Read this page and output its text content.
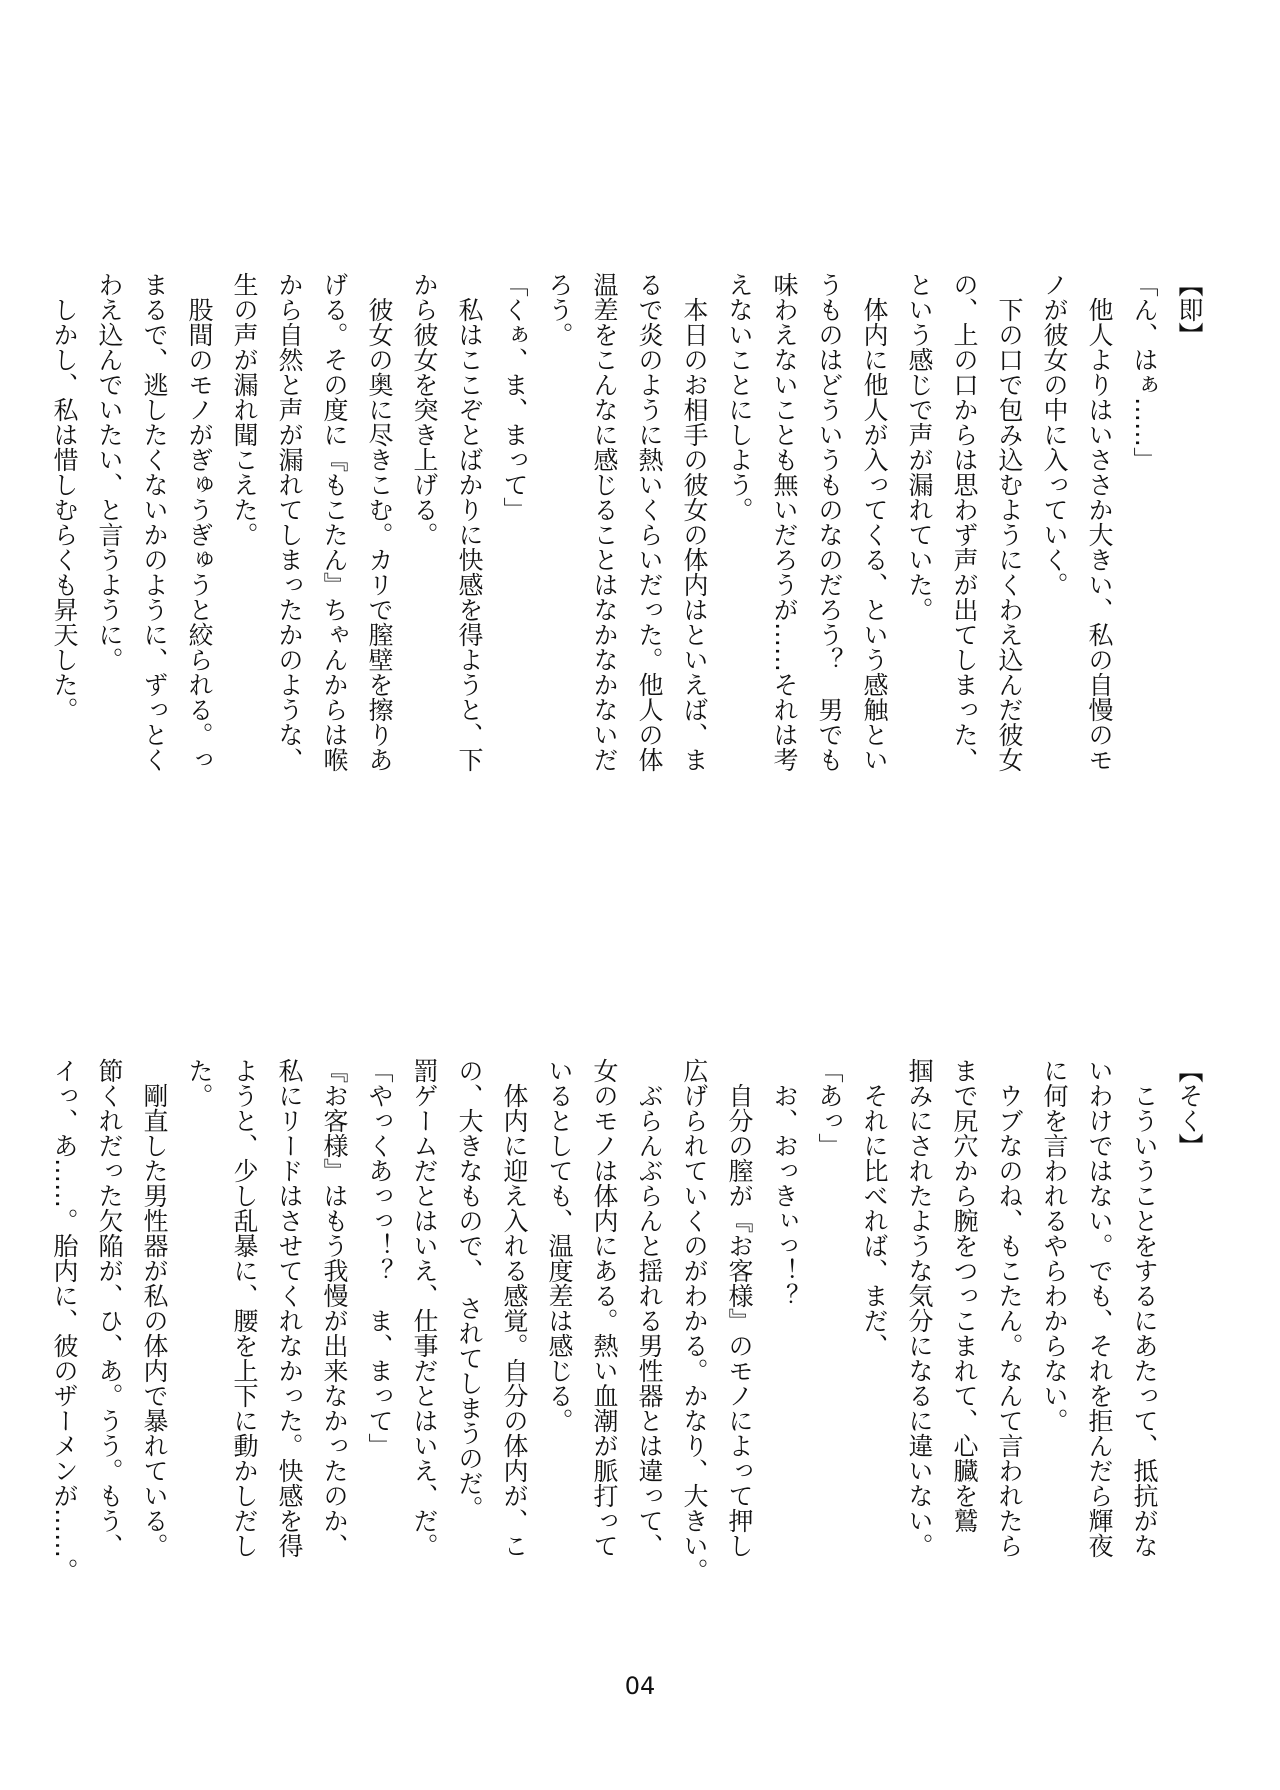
【即】
「ん、はぁ……」
　他人よりはいささか大きい、私の自慢のモ
ノが彼女の中に入っていく。
　下の口で包み込むようにくわえ込んだ彼女
の、上の口からは思わず声が出てしまった、
という感じで声が漏れていた。
　体内に他人が入ってくる、という感触とい
うものはどういうものなのだろう？　男でも
味わえないことも無いだろうが……それは考
えないことにしよう。
　本日のお相手の彼女の体内はといえば、ま
るで炎のように熱いくらいだった。他人の体
温差をこんなに感じることはなかなかないだ
ろう。
「くぁ、ま、まって」
　私はここぞとばかりに快感を得ようと、下
から彼女を突き上げる。
　彼女の奥に尽きこむ。カリで膣壁を擦りあ
げる。その度に『もこたん』ちゃんからは喉
から自然と声が漏れてしまったかのような、
生の声が漏れ聞こえた。
　股間のモノがぎゅうぎゅうと絞られる。っ
まるで、逃したくないかのように、ずっとく
わえ込んでいたい、と言うように。
　しかし、私は惜しむらくも昇天した。
【そく】
　こういうことをするにあたって、抵抗がな
いわけではない。でも、それを拒んだら輝夜
に何を言われるやらわからない。
　ウブなのね、もこたん。なんて言われたら
まで尻穴から腕をつっこまれて、心臓を鷲
掴みにされたような気分になるに違いない。
　それに比べれば、まだ、
「あっ」
　お、おっきぃっ！？
　自分の膣が『お客様』のモノによって押し
広げられていくのがわかる。かなり、大きい。
　ぶらんぶらんと揺れる男性器とは違って、
女のモノは体内にある。熱い血潮が脈打って
いるとしても、温度差は感じる。
　体内に迎え入れる感覚。自分の体内が、こ
の、大きなもので、　されてしまうのだ。
罰ゲームだとはいえ、仕事だとはいえ、だ。
「やっくあっっ！？　ま、まって」
『お客様』はもう我慢が出来なかったのか、
私にリードはさせてくれなかった。快感を得
ようと、少し乱暴に、腰を上下に動かしだし
た。
　剛直した男性器が私の体内で暴れている。
節くれだった欠陥が、ひ、あ。うう。もう、
イっ、あ……。胎内に、彼のザーメンが……。
04
